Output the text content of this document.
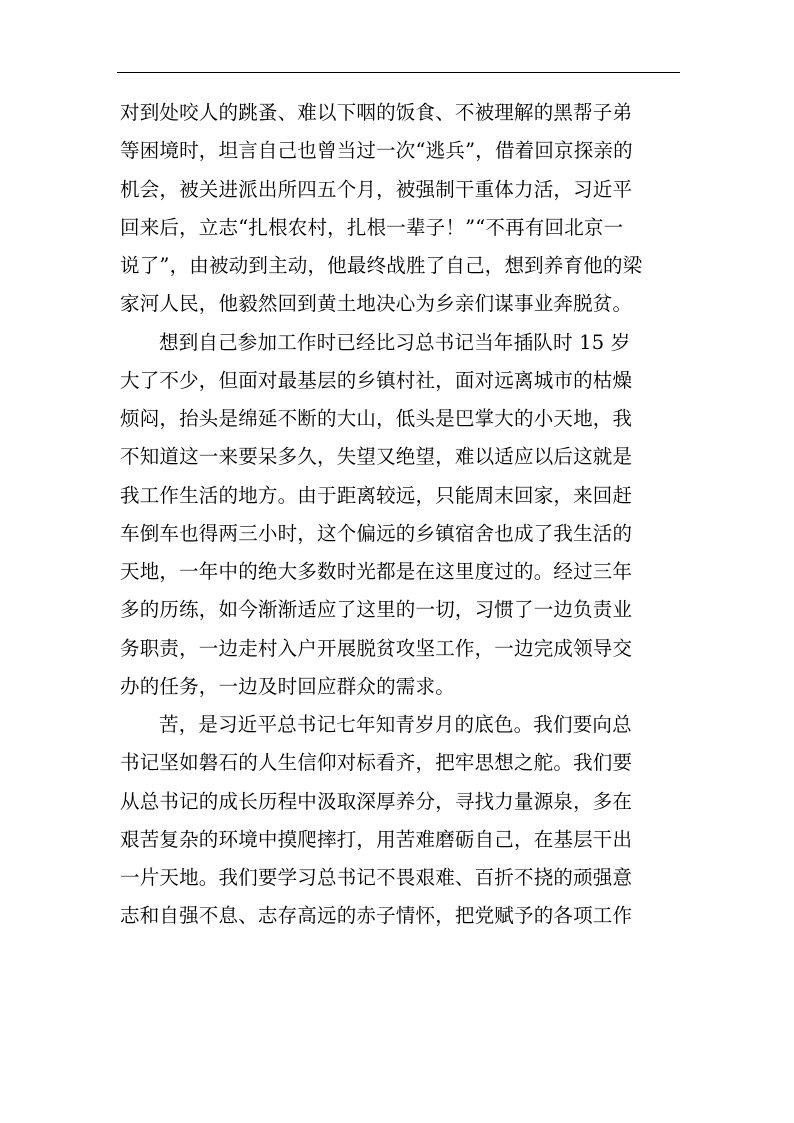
对到处咬人的跳蚤、难以下咽的饭食、不被理解的黑帮子弟
等困境时，坦言自己也曾当过一次“逃兵”，借着回京探亲的
机会，被关进派出所四五个月，被强制干重体力活，习近平
回来后，立志“扎根农村，扎根一辈子！”“不再有回北京一
说了”，由被动到主动，他最终战胜了自己，想到养育他的梁
家河人民，他毅然回到黄土地决心为乡亲们谋事业奔脱贫。
想到自己参加工作时已经比习总书记当年插队时 15 岁
大了不少，但面对最基层的乡镇村社，面对远离城市的枯燥
烦闷，抬头是绵延不断的大山，低头是巴掌大的小天地，我
不知道这一来要呆多久，失望又绝望，难以适应以后这就是
我工作生活的地方。由于距离较远，只能周末回家，来回赶
车倒车也得两三小时，这个偏远的乡镇宿舍也成了我生活的
天地，一年中的绝大多数时光都是在这里度过的。经过三年
多的历练，如今渐渐适应了这里的一切，习惯了一边负责业
务职责，一边走村入户开展脱贫攻坚工作，一边完成领导交
办的任务，一边及时回应群众的需求。
苦，是习近平总书记七年知青岁月的底色。我们要向总
书记坚如磐石的人生信仰对标看齐，把牢思想之舵。我们要
从总书记的成长历程中汲取深厚养分，寻找力量源泉，多在
艰苦复杂的环境中摸爬摔打，用苦难磨砺自己，在基层干出
一片天地。我们要学习总书记不畏艰难、百折不挠的顽强意
志和自强不息、志存高远的赤子情怀，把党赋予的各项工作
